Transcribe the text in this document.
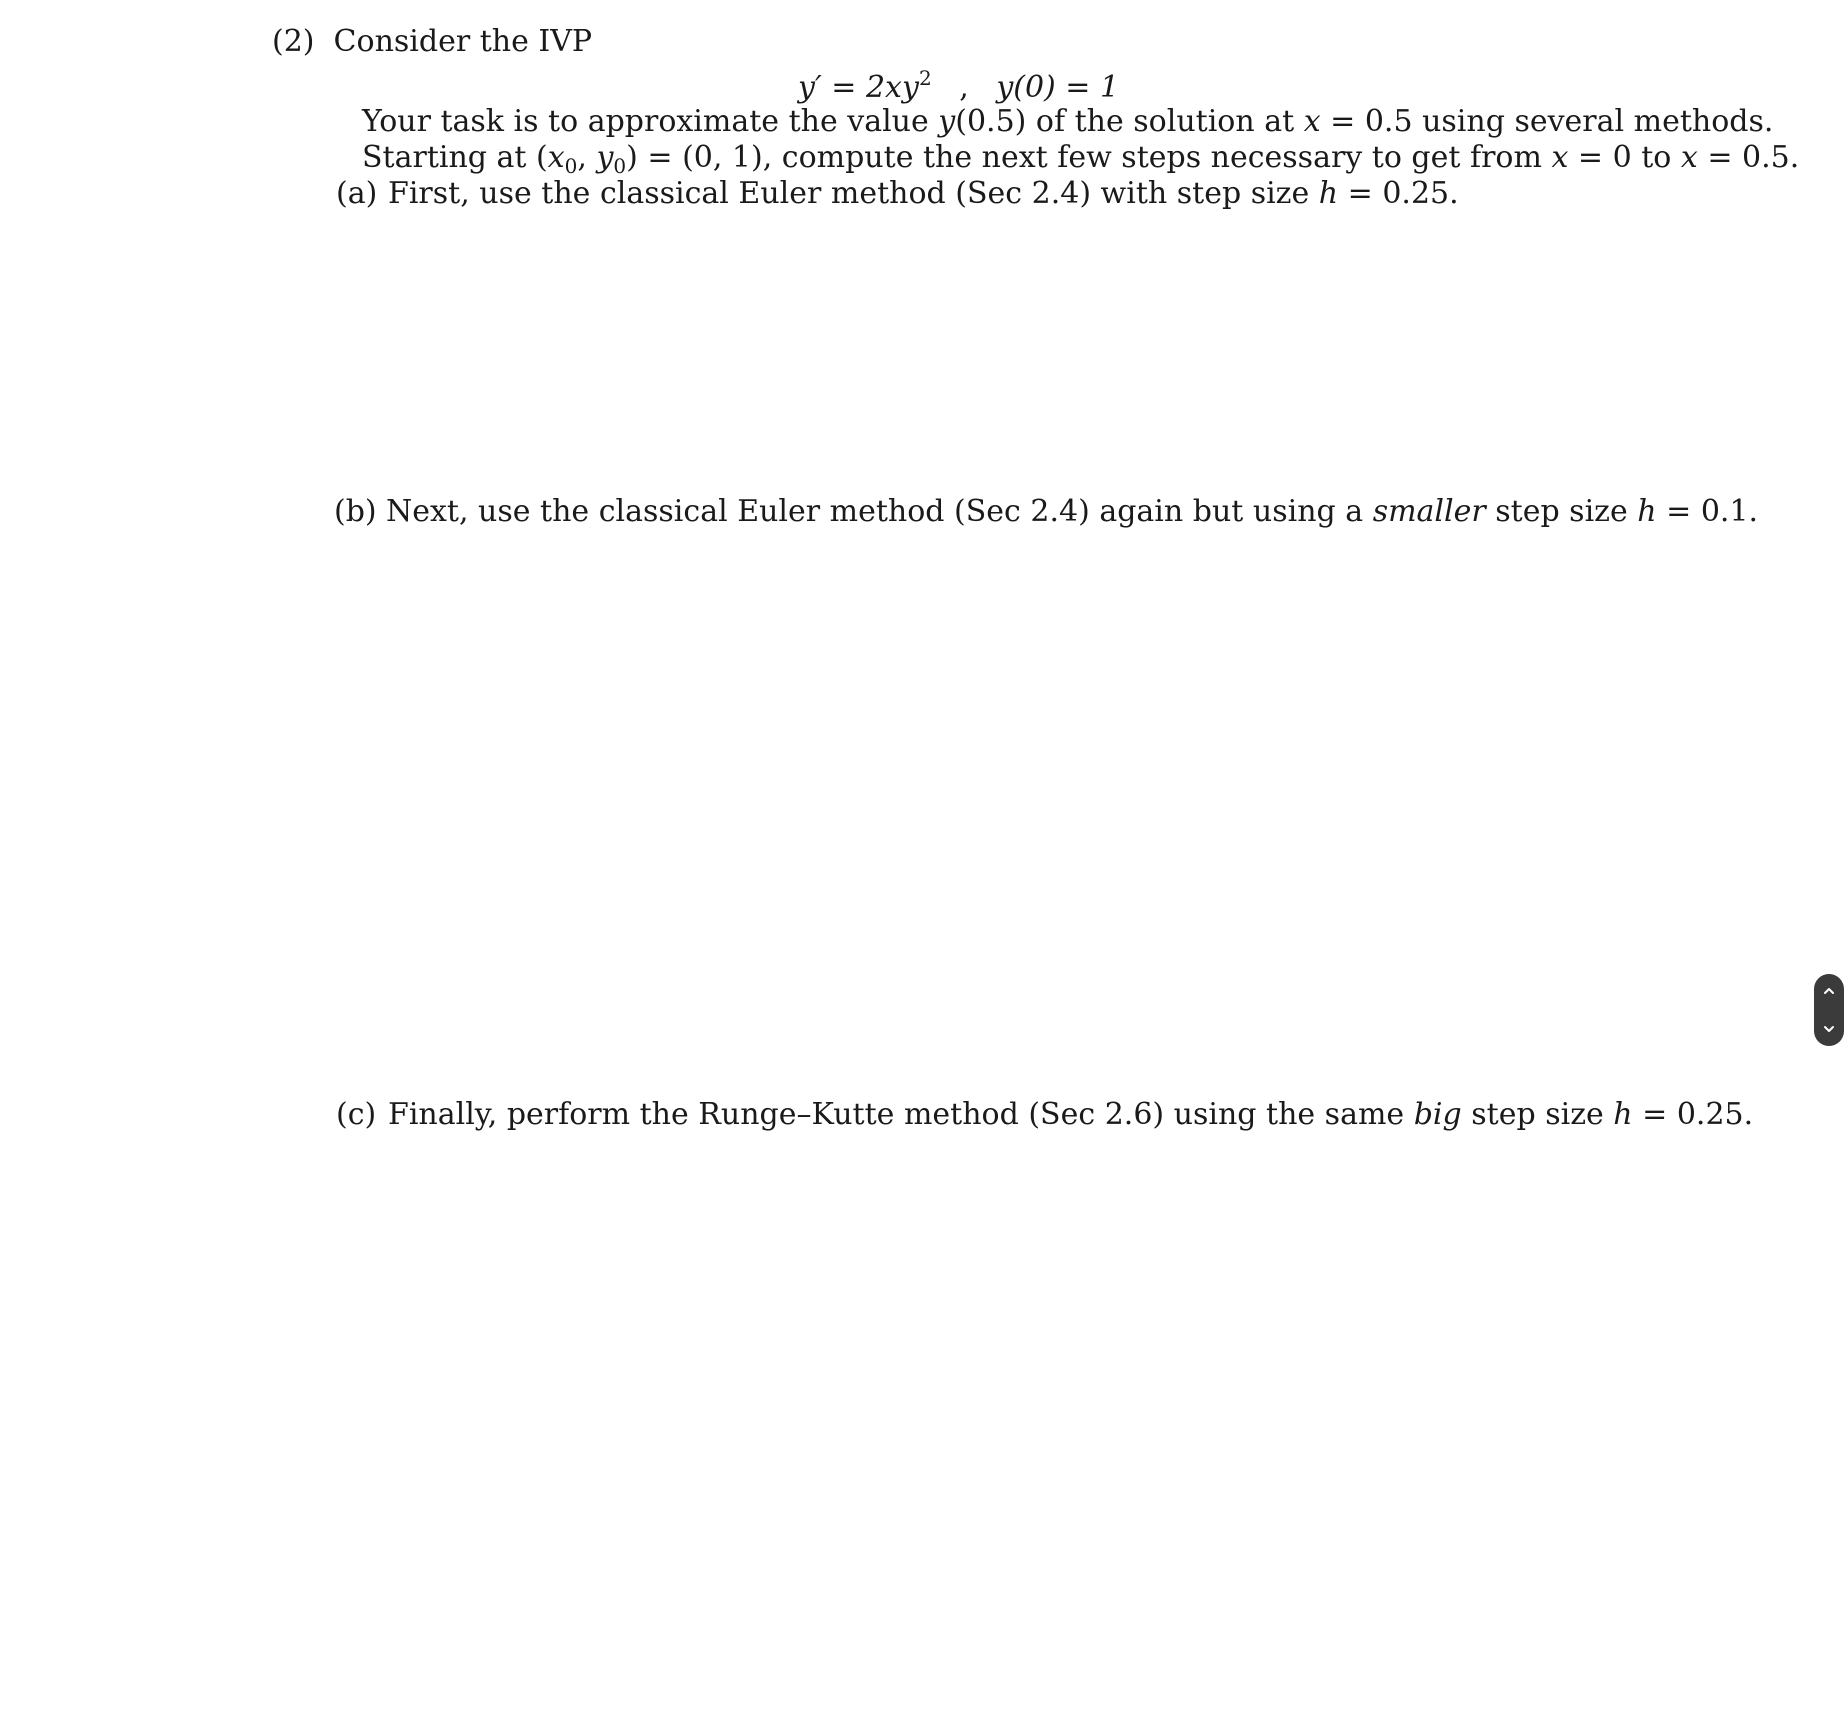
(2) Consider the IVP
$y' = 2xy^2$ , y(0) = 1
Your task is to approximate the value y(0.5) of the solution at x = 0.5 using several methods.
Starting at ($x_0$, $y_0) = (0$, 1), compute the next few steps necessary to get from x = 0 to x = 0.5.
(a) First, use the classical Euler method (Sec 2.4) with step size h = 0.25.
(b) Next, use the classical Euler method (Sec 2.4) again but using a smaller step size h = 0.1.
(c) Finally, perform the Runge–Kutte method (Sec 2.6) using the same big step size h = 0.25.
